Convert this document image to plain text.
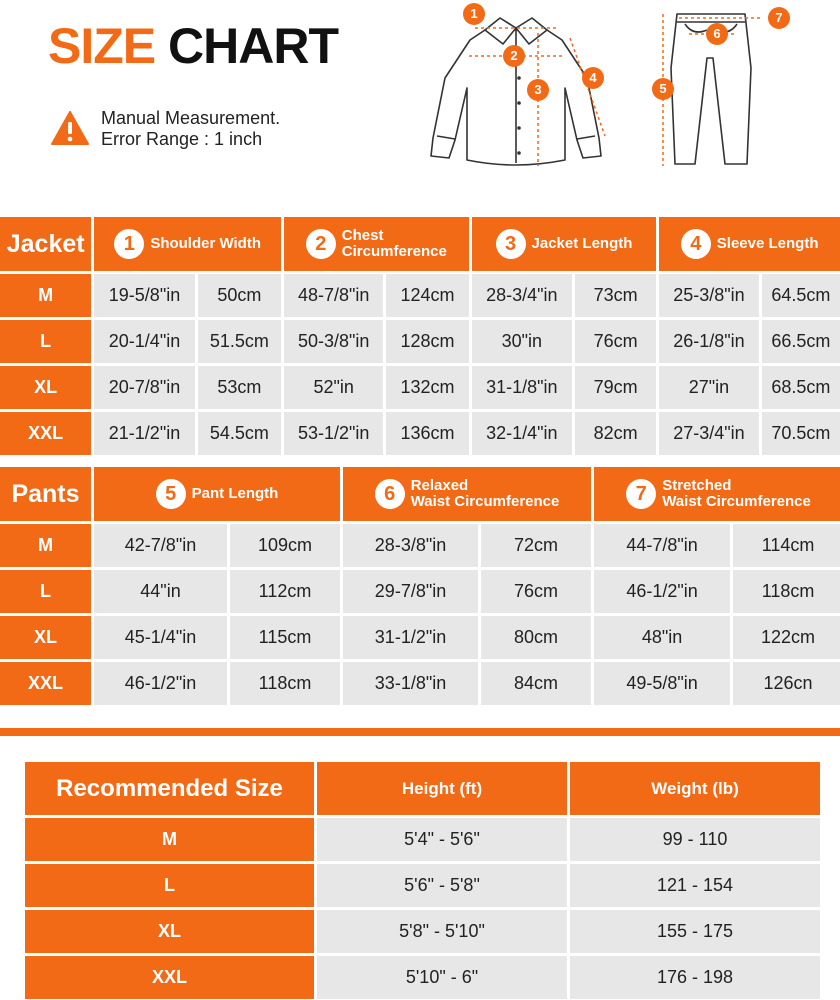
SIZE CHART
Manual Measurement.
Error Range : 1 inch
1
2
3
4
5
6
7
Jacket	1 Shoulder Width		2 Chest
Circumference		3 Jacket Length		4 Sleeve Length	

M	19-5/8"in	50cm	48-7/8"in	124cm	28-3/4"in	73cm	25-3/8"in	64.5cm
L	20-1/4"in	51.5cm	50-3/8"in	128cm	30"in	76cm	26-1/8"in	66.5cm
XL	20-7/8"in	53cm	52"in	132cm	31-1/8"in	79cm	27"in	68.5cm
XXL	21-1/2"in	54.5cm	53-1/2"in	136cm	32-1/4"in	82cm	27-3/4"in	70.5cm
Pants	5 Pant Length		6 Relaxed
Waist Circumference		7 Stretched
Waist Circumference	

M	42-7/8"in	109cm	28-3/8"in	72cm	44-7/8"in	114cm
L	44"in	112cm	29-7/8"in	76cm	46-1/2"in	118cm
XL	45-1/4"in	115cm	31-1/2"in	80cm	48"in	122cm
XXL	46-1/2"in	118cm	33-1/8"in	84cm	49-5/8"in	126cn
Recommended Size	Height (ft)	Weight (lb)
M	5'4" - 5'6"	99 - 110
L	5'6" - 5'8"	121 - 154
XL	5'8" - 5'10"	155 - 175
XXL	5'10" - 6"	176 - 198
